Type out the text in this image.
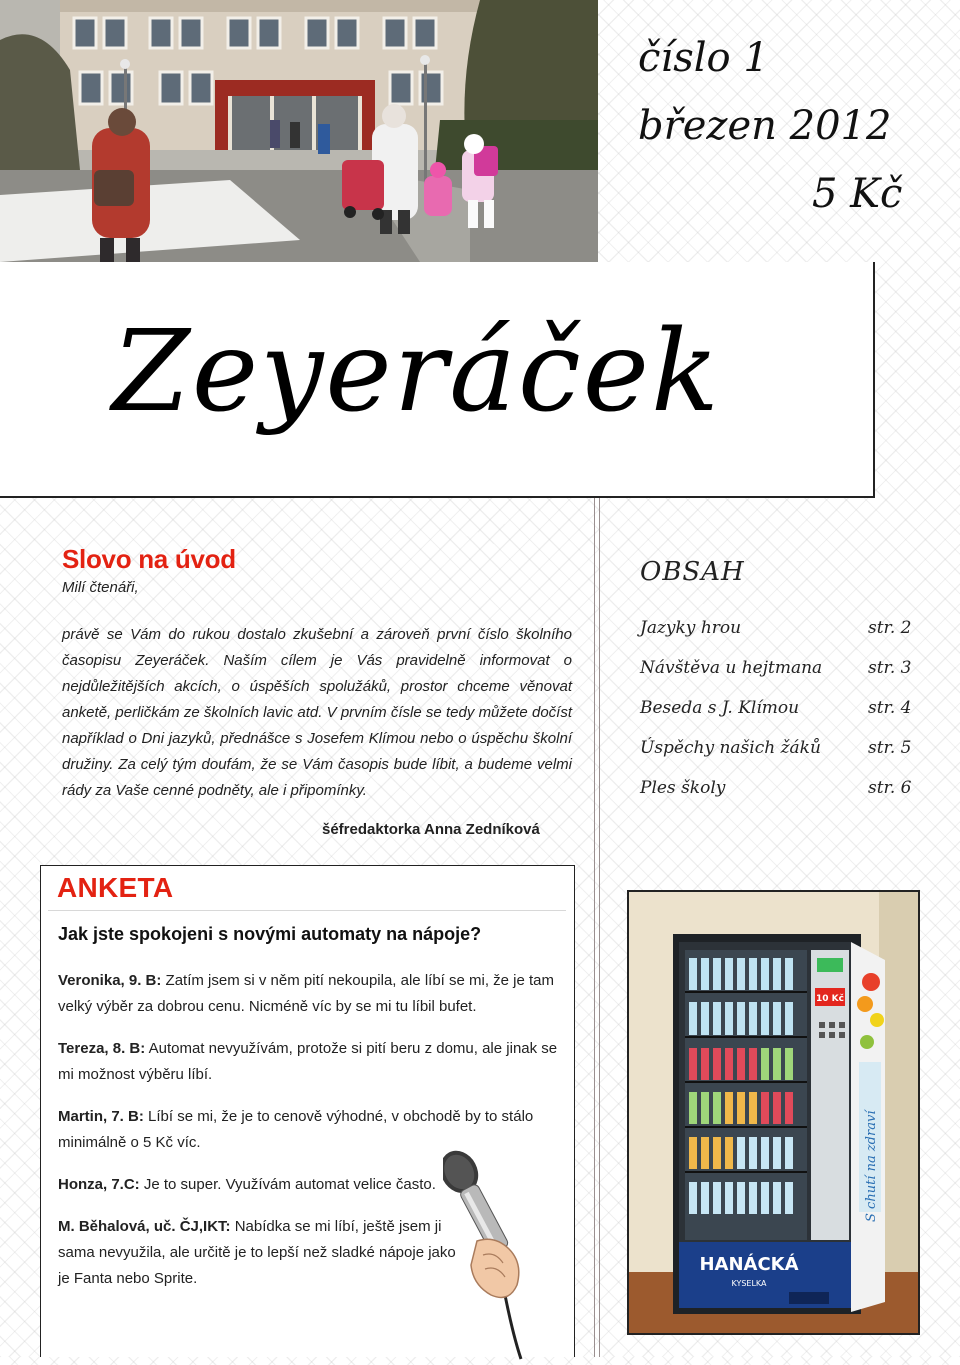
číslo 1
březen 2012
5 Kč
Zeyeráček
Slovo na úvod
Milí čtenáři,
právě se Vám do rukou dostalo zkušební a zároveň první číslo školního časopisu Zeyeráček. Naším cílem je Vás pravidelně informovat o nejdůležitějších akcích, o úspěších spolužáků, prostor chceme věnovat anketě, perličkám ze školních lavic atd. V prvním čísle se tedy můžete dočíst například o Dni jazyků, přednášce s Josefem Klímou nebo o úspěchu školní družiny. Za celý tým doufám, že se Vám časopis bude líbit, a budeme velmi rády za Vaše cenné podněty, ale i připomínky.
šéfredaktorka Anna Zedníková
OBSAH
Jazyky hrou	str. 2
Návštěva u hejtmana	str. 3
Beseda s J. Klímou	str. 4
Úspěchy našich žáků	str. 5
Ples školy	str. 6
ANKETA
Jak jste spokojeni s novými automaty na nápoje?
Veronika, 9. B: Zatím jsem si v něm pití nekoupila, ale líbí se mi, že je tam velký výběr za dobrou cenu. Nicméně víc by se mi tu líbil bufet.
Tereza, 8. B: Automat nevyužívám, protože si pití beru z domu, ale jinak se mi možnost výběru líbí.
Martin, 7. B: Líbí se mi, že je to cenově výhodné, v obchodě by to stálo minimálně o 5 Kč víc.
Honza, 7.C: Je to super. Využívám automat velice často.
M. Běhalová, uč. ČJ,IKT: Nabídka se mi líbí, ještě jsem ji sama nevyužila, ale určitě je to lepší než sladké nápoje jako je Fanta nebo Sprite.
10 Kč
S chutí na zdraví
HANÁCKÁ
KYSELKA
